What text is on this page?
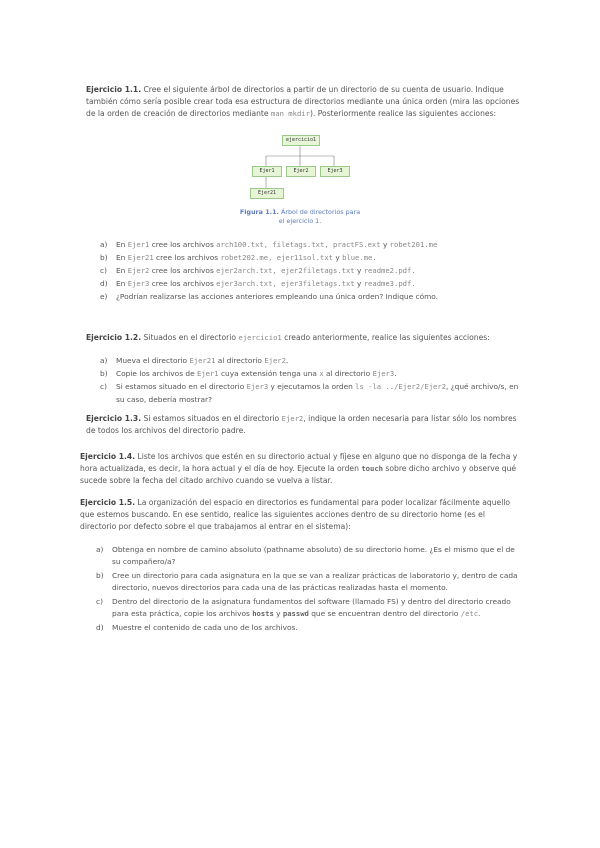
Ejercicio 1.1. Cree el siguiente árbol de directorios a partir de un directorio de su cuenta de usuario. Indique también cómo sería posible crear toda esa estructura de directorios mediante una única orden (mira las opciones de la orden de creación de directorios mediante man mkdir). Posteriormente realice las siguientes acciones:

ejercicio1
Ejer1	Ejer2	Ejer3
Ejer21
Figura 1.1. Árbol de directorios para el ejercicio 1.
a) En Ejer1 cree los archivos arch100.txt, filetags.txt, practFS.ext y robet201.me
b) En Ejer21 cree los archivos robet202.me, ejer11sol.txt y blue.me.
c) En Ejer2 cree los archivos ejer2arch.txt, ejer2filetags.txt y readme2.pdf.
d) En Ejer3 cree los archivos ejer3arch.txt, ejer3filetags.txt y readme3.pdf.
e) ¿Podrían realizarse las acciones anteriores empleando una única orden? Indique cómo.

Ejercicio 1.2. Situados en el directorio ejercicio1 creado anteriormente, realice las siguientes acciones:

a) Mueva el directorio Ejer21 al directorio Ejer2.
b) Copie los archivos de Ejer1 cuya extensión tenga una x al directorio Ejer3.
c) Si estamos situado en el directorio Ejer3 y ejecutamos la orden ls -la ../Ejer2/Ejer2, ¿qué archivo/s, en su caso, debería mostrar?

Ejercicio 1.3. Si estamos situados en el directorio Ejer2, indique la orden necesaria para listar sólo los nombres de todos los archivos del directorio padre.

Ejercicio 1.4. Liste los archivos que estén en su directorio actual y fíjese en alguno que no disponga de la fecha y hora actualizada, es decir, la hora actual y el día de hoy. Ejecute la orden touch sobre dicho archivo y observe qué sucede sobre la fecha del citado archivo cuando se vuelva a listar.

Ejercicio 1.5. La organización del espacio en directorios es fundamental para poder localizar fácilmente aquello que estemos buscando. En ese sentido, realice las siguientes acciones dentro de su directorio home (es el directorio por defecto sobre el que trabajamos al entrar en el sistema):

a) Obtenga en nombre de camino absoluto (pathname absoluto) de su directorio home. ¿Es el mismo que el de su compañero/a?
b) Cree un directorio para cada asignatura en la que se van a realizar prácticas de laboratorio y, dentro de cada directorio, nuevos directorios para cada una de las prácticas realizadas hasta el momento.
c) Dentro del directorio de la asignatura fundamentos del software (llamado FS) y dentro del directorio creado para esta práctica, copie los archivos hosts y passwd que se encuentran dentro del directorio /etc.
d) Muestre el contenido de cada uno de los archivos.
